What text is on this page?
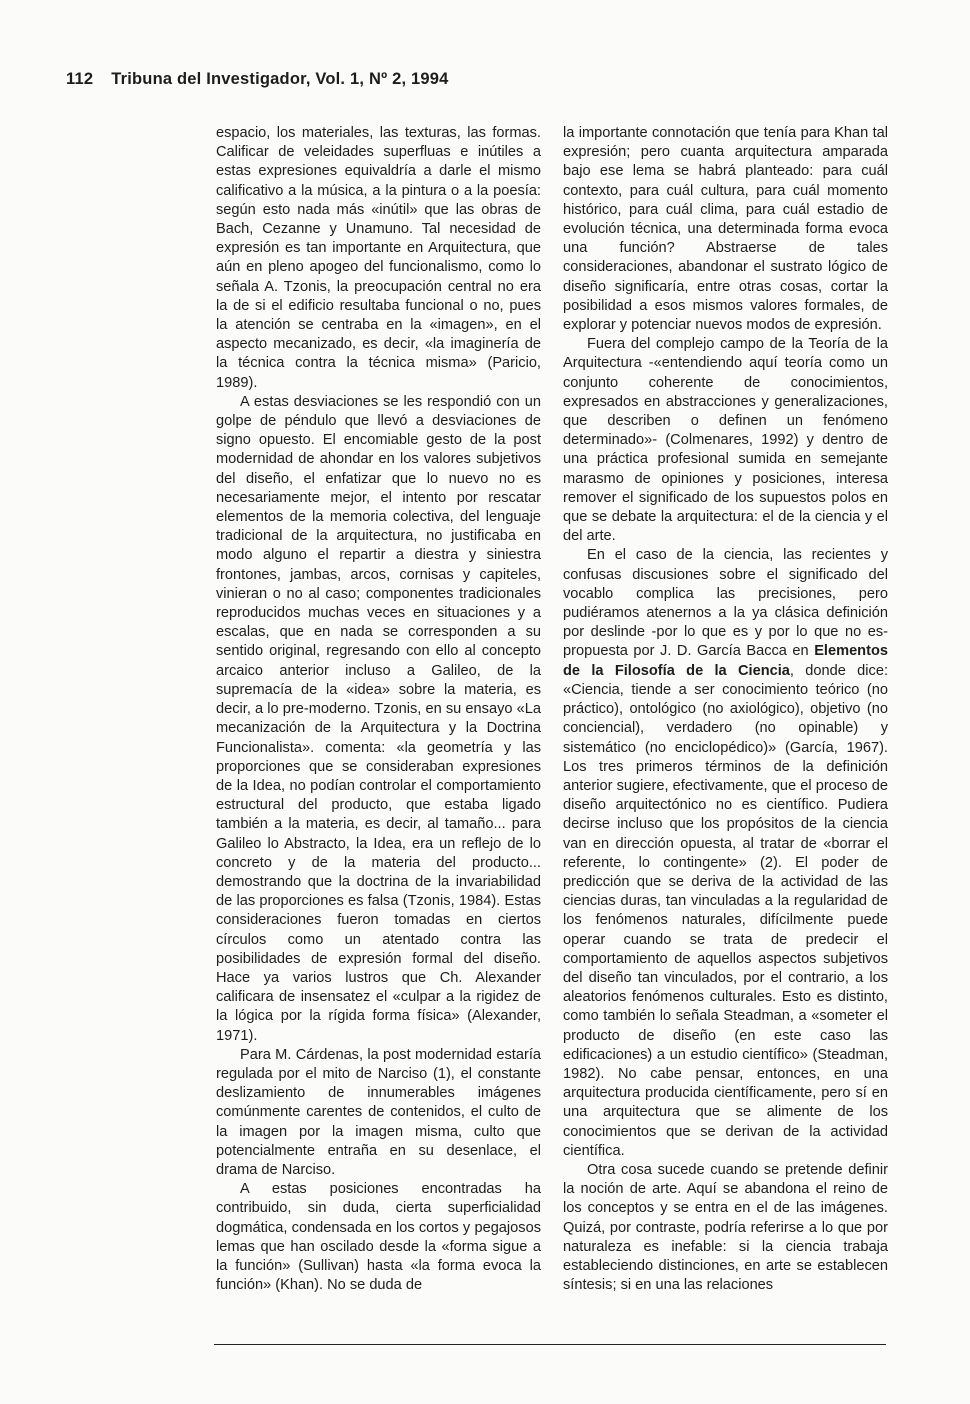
112 Tribuna del Investigador, Vol. 1, Nº 2, 1994

espacio, los materiales, las texturas, las formas. Calificar de veleidades superfluas e inútiles a estas expresiones equivaldría a darle el mismo calificativo a la música, a la pintura o a la poesía: según esto nada más «inútil» que las obras de Bach, Cezanne y Unamuno. Tal necesidad de expresión es tan importante en Arquitectura, que aún en pleno apogeo del funcionalismo, como lo señala A. Tzonis, la preocupación central no era la de si el edificio resultaba funcional o no, pues la atención se centraba en la «imagen», en el aspecto mecanizado, es decir, «la imaginería de la técnica contra la técnica misma» (Paricio, 1989).

A estas desviaciones se les respondió con un golpe de péndulo que llevó a desviaciones de signo opuesto. El encomiable gesto de la post modernidad de ahondar en los valores subjetivos del diseño, el enfatizar que lo nuevo no es necesariamente mejor, el intento por rescatar elementos de la memoria colectiva, del lenguaje tradicional de la arquitectura, no justificaba en modo alguno el repartir a diestra y siniestra frontones, jambas, arcos, cornisas y capiteles, vinieran o no al caso; componentes tradicionales reproducidos muchas veces en situaciones y a escalas, que en nada se corresponden a su sentido original, regresando con ello al concepto arcaico anterior incluso a Galileo, de la supremacía de la «idea» sobre la materia, es decir, a lo pre-moderno. Tzonis, en su ensayo «La mecanización de la Arquitectura y la Doctrina Funcionalista». comenta: «la geometría y las proporciones que se consideraban expresiones de la Idea, no podían controlar el comportamiento estructural del producto, que estaba ligado también a la materia, es decir, al tamaño... para Galileo lo Abstracto, la Idea, era un reflejo de lo concreto y de la materia del producto... demostrando que la doctrina de la invariabilidad de las proporciones es falsa (Tzonis, 1984). Estas consideraciones fueron tomadas en ciertos círculos como un atentado contra las posibilidades de expresión formal del diseño. Hace ya varios lustros que Ch. Alexander calificara de insensatez el «culpar a la rigidez de la lógica por la rígida forma física» (Alexander, 1971).

Para M. Cárdenas, la post modernidad estaría regulada por el mito de Narciso (1), el constante deslizamiento de innumerables imágenes comúnmente carentes de contenidos, el culto de la imagen por la imagen misma, culto que potencialmente entraña en su desenlace, el drama de Narciso.

A estas posiciones encontradas ha contribuido, sin duda, cierta superficialidad dogmática, condensada en los cortos y pegajosos lemas que han oscilado desde la «forma sigue a la función» (Sullivan) hasta «la forma evoca la función» (Khan). No se duda de

la importante connotación que tenía para Khan tal expresión; pero cuanta arquitectura amparada bajo ese lema se habrá planteado: para cuál contexto, para cuál cultura, para cuál momento histórico, para cuál clima, para cuál estadio de evolución técnica, una determinada forma evoca una función? Abstraerse de tales consideraciones, abandonar el sustrato lógico de diseño significaría, entre otras cosas, cortar la posibilidad a esos mismos valores formales, de explorar y potenciar nuevos modos de expresión.

Fuera del complejo campo de la Teoría de la Arquitectura -«entendiendo aquí teoría como un conjunto coherente de conocimientos, expresados en abstracciones y generalizaciones, que describen o definen un fenómeno determinado»- (Colmenares, 1992) y dentro de una práctica profesional sumida en semejante marasmo de opiniones y posiciones, interesa remover el significado de los supuestos polos en que se debate la arquitectura: el de la ciencia y el del arte.

En el caso de la ciencia, las recientes y confusas discusiones sobre el significado del vocablo complica las precisiones, pero pudiéramos atenernos a la ya clásica definición por deslinde -por lo que es y por lo que no es- propuesta por J. D. García Bacca en Elementos de la Filosofía de la Ciencia, donde dice: «Ciencia, tiende a ser conocimiento teórico (no práctico), ontológico (no axiológico), objetivo (no conciencial), verdadero (no opinable) y sistemático (no enciclopédico)» (García, 1967). Los tres primeros términos de la definición anterior sugiere, efectivamente, que el proceso de diseño arquitectónico no es científico. Pudiera decirse incluso que los propósitos de la ciencia van en dirección opuesta, al tratar de «borrar el referente, lo contingente» (2). El poder de predicción que se deriva de la actividad de las ciencias duras, tan vinculadas a la regularidad de los fenómenos naturales, difícilmente puede operar cuando se trata de predecir el comportamiento de aquellos aspectos subjetivos del diseño tan vinculados, por el contrario, a los aleatorios fenómenos culturales. Esto es distinto, como también lo señala Steadman, a «someter el producto de diseño (en este caso las edificaciones) a un estudio científico» (Steadman, 1982). No cabe pensar, entonces, en una arquitectura producida científicamente, pero sí en una arquitectura que se alimente de los conocimientos que se derivan de la actividad científica.

Otra cosa sucede cuando se pretende definir la noción de arte. Aquí se abandona el reino de los conceptos y se entra en el de las imágenes. Quizá, por contraste, podría referirse a lo que por naturaleza es inefable: si la ciencia trabaja estableciendo distinciones, en arte se establecen síntesis; si en una las relaciones
